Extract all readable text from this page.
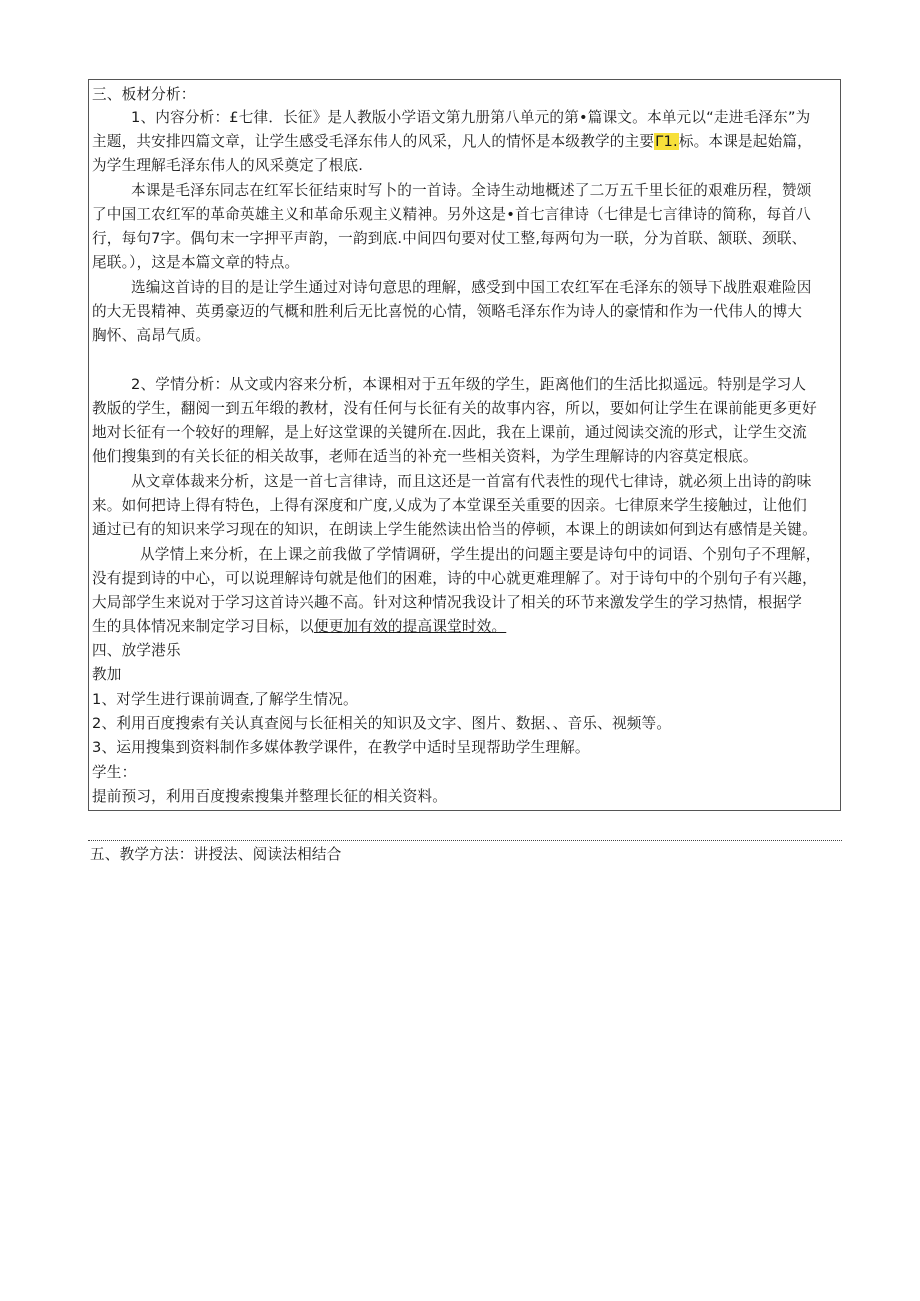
三、板材分析：
1、内容分析：£七律．长征》是人教版小学语文第九册第八单元的第•篇课文。本单元以“走进毛泽东”为
主题，共安排四篇文章，让学生感受毛泽东伟人的风采，凡人的情怀是本级教学的主要Γ1.标。本课是起始篇，
为学生理解毛泽东伟人的风采奠定了根底.
本课是毛泽东同志在红军长征结束时写卜的一首诗。全诗生动地概述了二万五千里长征的艰难历程，赞颂
了中国工农红军的革命英雄主义和革命乐观主义精神。另外这是•首七言律诗（七律是七言律诗的简称，每首八
行，每句7字。偶句末一字押平声韵，一韵到底.中间四句要对仗工整,每两句为一联，分为首联、颔联、颈联、
尾联。），这是本篇文章的特点。
选编这首诗的目的是让学生通过对诗句意思的理解，感受到中国工农红军在毛泽东的领导下战胜艰难险因
的大无畏精神、英勇豪迈的气概和胜利后无比喜悦的心情，领略毛泽东作为诗人的豪情和作为一代伟人的博大
胸怀、高昂气质。
2、学情分析：从文或内容来分析，本课相对于五年级的学生，距离他们的生活比拟遥远。特别是学习人
教版的学生，翻阅一到五年缎的教材，没有任何与长征有关的故事内容，所以，要如何让学生在课前能更多更好
地对长征有一个较好的理解，是上好这堂课的关键所在.因此，我在上课前，通过阅读交流的形式，让学生交流
他们搜集到的有关长征的相关故事，老师在适当的补充一些相关资料，为学生理解诗的内容莫定根底。
从文章体裁来分析，这是一首七言律诗，而且这还是一首富有代表性的现代七律诗，就必须上出诗的韵味
来。如何把诗上得有特色，上得有深度和广度,乂成为了本堂课至关重要的因亲。七律原来学生接触过，让他们
通过已有的知识来学习现在的知识，在朗读上学生能然读出恰当的停顿，本课上的朗读如何到达有感情是关键。
从学情上来分析，在上课之前我做了学情调研，学生提出的问题主要是诗句中的词语、个别句子不理解，
没有提到诗的中心，可以说理解诗句就是他们的困难，诗的中心就更难理解了。对于诗句中的个别句子有兴趣，
大局部学生来说对于学习这首诗兴趣不高。针对这种情况我设计了相关的环节来激发学生的学习热情，根据学
生的具体情况来制定学习目标，以便更加有效的提高课堂时效。
四、放学港乐
教加
1、对学生进行课前调查,了解学生情况。
2、利用百度搜索有关认真查阅与长征相关的知识及文字、图片、数据、、音乐、视频等。
3、运用搜集到资料制作多媒体教学课件，在教学中适时呈现帮助学生理解。
学生：
提前预习，利用百度搜索搜集并整理长征的相关资料。
五、教学方法：讲授法、阅读法相结合
